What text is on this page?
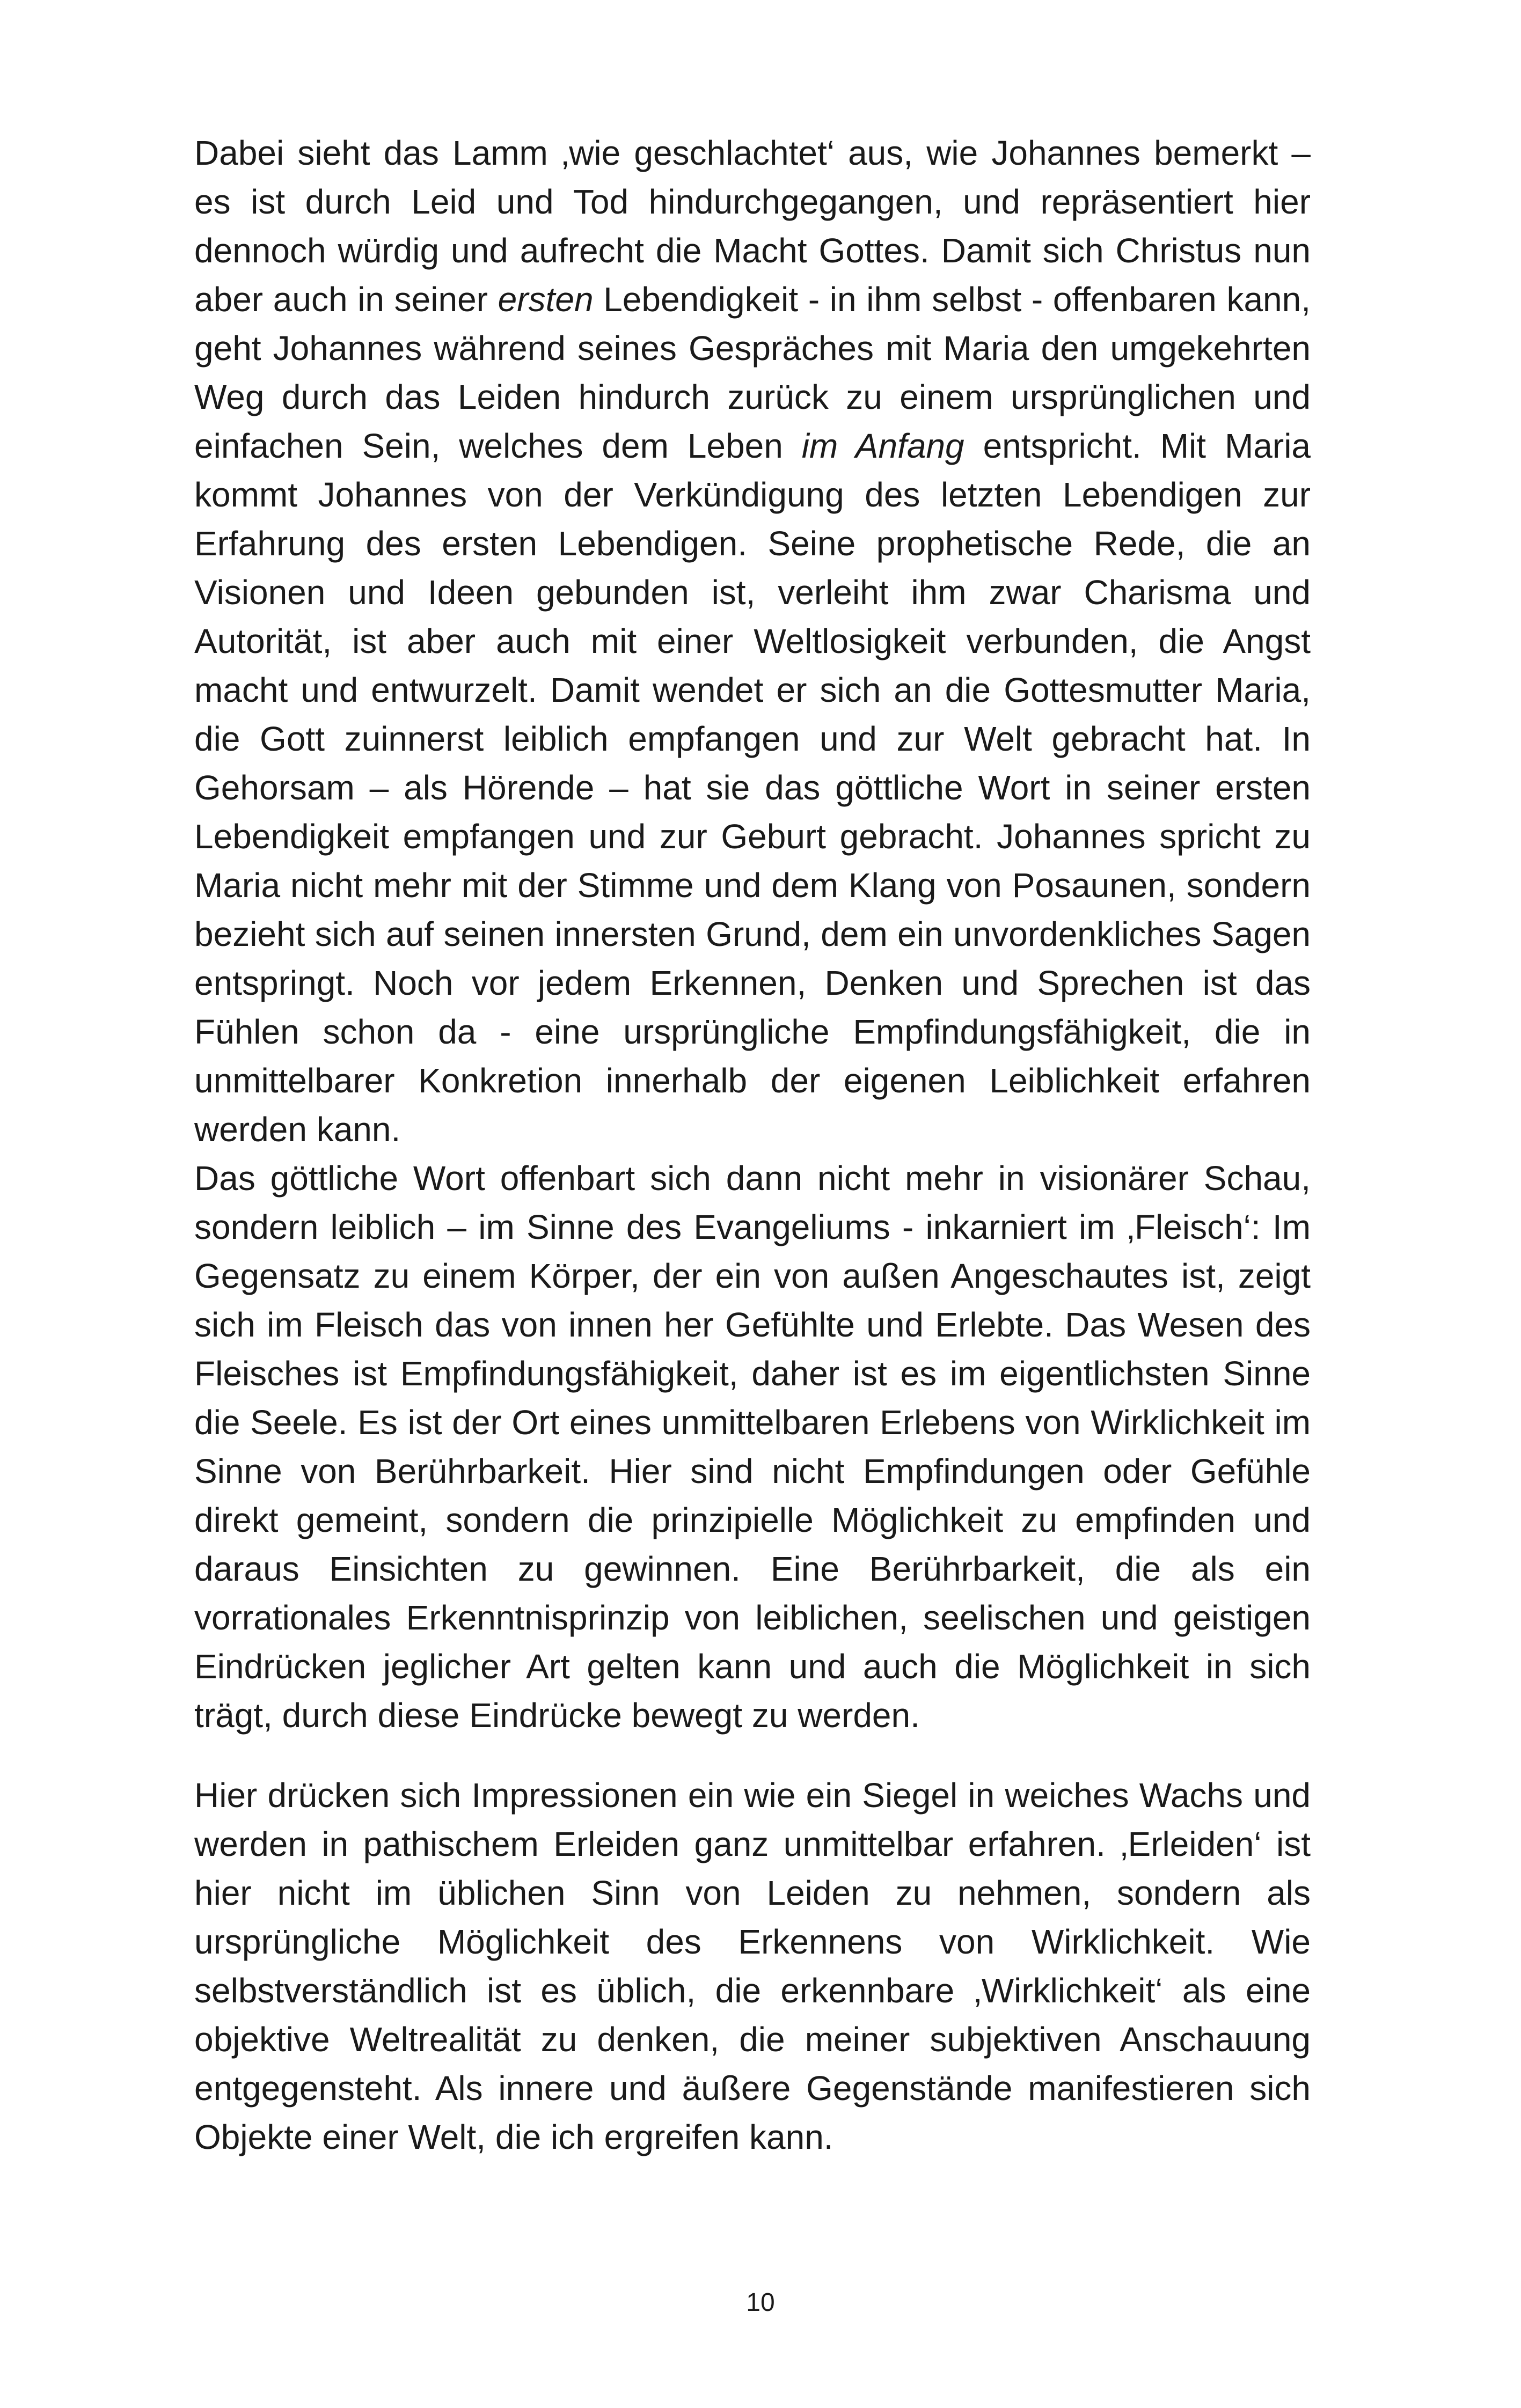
Dabei sieht das Lamm ‚wie geschlachtet‘ aus, wie Johannes bemerkt – es ist durch Leid und Tod hindurchgegangen, und repräsentiert hier dennoch würdig und aufrecht die Macht Gottes. Damit sich Christus nun aber auch in seiner ersten Lebendigkeit - in ihm selbst - offenbaren kann, geht Johannes während seines Gespräches mit Maria den umgekehrten Weg durch das Leiden hindurch zurück zu einem ursprünglichen und einfachen Sein, welches dem Leben im Anfang entspricht. Mit Maria kommt Johannes von der Verkündigung des letzten Lebendigen zur Erfahrung des ersten Lebendigen. Seine prophetische Rede, die an Visionen und Ideen gebunden ist, verleiht ihm zwar Charisma und Autorität, ist aber auch mit einer Weltlosigkeit verbunden, die Angst macht und entwurzelt. Damit wendet er sich an die Gottesmutter Maria, die Gott zuinnerst leiblich empfangen und zur Welt gebracht hat. In Gehorsam – als Hörende – hat sie das göttliche Wort in seiner ersten Lebendigkeit empfangen und zur Geburt gebracht. Johannes spricht zu Maria nicht mehr mit der Stimme und dem Klang von Posaunen, sondern bezieht sich auf seinen innersten Grund, dem ein unvordenkliches Sagen entspringt. Noch vor jedem Erkennen, Denken und Sprechen ist das Fühlen schon da - eine ursprüngliche Empfindungsfähigkeit, die in unmittelbarer Konkretion innerhalb der eigenen Leiblichkeit erfahren werden kann.

Das göttliche Wort offenbart sich dann nicht mehr in visionärer Schau, sondern leiblich – im Sinne des Evangeliums - inkarniert im ‚Fleisch‘: Im Gegensatz zu einem Körper, der ein von außen Angeschautes ist, zeigt sich im Fleisch das von innen her Gefühlte und Erlebte. Das Wesen des Fleisches ist Empfindungsfähigkeit, daher ist es im eigentlichsten Sinne die Seele. Es ist der Ort eines unmittelbaren Erlebens von Wirklichkeit im Sinne von Berührbarkeit. Hier sind nicht Empfindungen oder Gefühle direkt gemeint, sondern die prinzipielle Möglichkeit zu empfinden und daraus Einsichten zu gewinnen. Eine Berührbarkeit, die als ein vorrationales Erkenntnisprinzip von leiblichen, seelischen und geistigen Eindrücken jeglicher Art gelten kann und auch die Möglichkeit in sich trägt, durch diese Eindrücke bewegt zu werden.

Hier drücken sich Impressionen ein wie ein Siegel in weiches Wachs und werden in pathischem Erleiden ganz unmittelbar erfahren. ‚Erleiden‘ ist hier nicht im üblichen Sinn von Leiden zu nehmen, sondern als ursprüngliche Möglichkeit des Erkennens von Wirklichkeit. Wie selbstverständlich ist es üblich, die erkennbare ‚Wirklichkeit‘ als eine objektive Weltrealität zu denken, die meiner subjektiven Anschauung entgegensteht. Als innere und äußere Gegenstände manifestieren sich Objekte einer Welt, die ich ergreifen kann.

10
